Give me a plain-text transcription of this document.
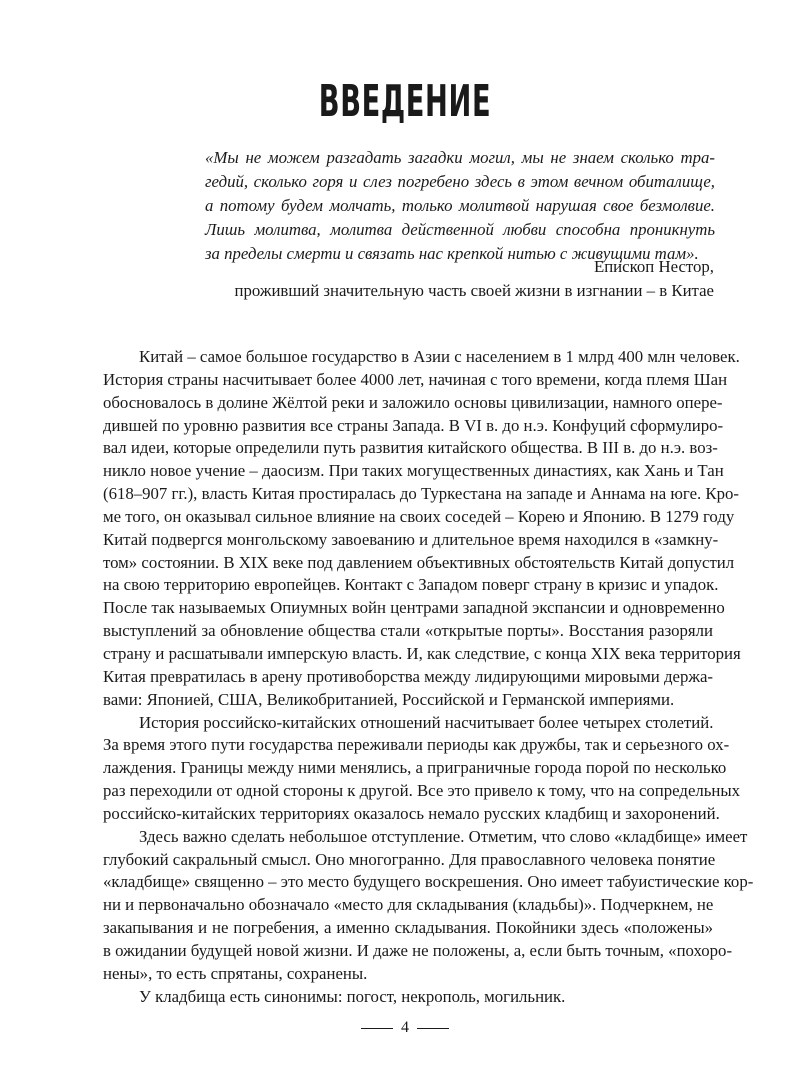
ВВЕДЕНИЕ
«Мы не можем разгадать загадки могил, мы не знаем сколько тра-
гедий, сколько горя и слез погребено здесь в этом вечном обиталище,
а потому будем молчать, только молитвой нарушая свое безмолвие.
Лишь молитва, молитва действенной любви способна проникнуть
за пределы смерти и связать нас крепкой нитью с живущими там».
Епископ Нестор,
проживший значительную часть своей жизни в изгнании – в Китае
Китай – самое большое государство в Азии с населением в 1 млрд 400 млн человек.
История страны насчитывает более 4000 лет, начиная с того времени, когда племя Шан
обосновалось в долине Жёлтой реки и заложило основы цивилизации, намного опере-
дившей по уровню развития все страны Запада. В VI в. до н.э. Конфуций сформулиро-
вал идеи, которые определили путь развития китайского общества. В III в. до н.э. воз-
никло новое учение – даосизм. При таких могущественных династиях, как Хань и Тан
(618–907 гг.), власть Китая простиралась до Туркестана на западе и Аннама на юге. Кро-
ме того, он оказывал сильное влияние на своих соседей – Корею и Японию. В 1279 году
Китай подвергся монгольскому завоеванию и длительное время находился в «замкну-
том» состоянии. В XIX веке под давлением объективных обстоятельств Китай допустил
на свою территорию европейцев. Контакт с Западом поверг страну в кризис и упадок.
После так называемых Опиумных войн центрами западной экспансии и одновременно
выступлений за обновление общества стали «открытые порты». Восстания разоряли
страну и расшатывали имперскую власть. И, как следствие, с конца XIX века территория
Китая превратилась в арену противоборства между лидирующими мировыми держа-
вами: Японией, США, Великобританией, Российской и Германской империями.
История российско-китайских отношений насчитывает более четырех столетий.
За время этого пути государства переживали периоды как дружбы, так и серьезного ох-
лаждения. Границы между ними менялись, а приграничные города порой по несколько
раз переходили от одной стороны к другой. Все это привело к тому, что на сопредельных
российско-китайских территориях оказалось немало русских кладбищ и захоронений.
Здесь важно сделать небольшое отступление. Отметим, что слово «кладбище» имеет
глубокий сакральный смысл. Оно многогранно. Для православного человека понятие
«кладбище» священно – это место будущего воскрешения. Оно имеет табуистические кор-
ни и первоначально обозначало «место для складывания (кладьбы)». Подчеркнем, не
закапывания и не погребения, а именно складывания. Покойники здесь «положены»
в ожидании будущей новой жизни. И даже не положены, а, если быть точным, «похоро-
нены», то есть спрятаны, сохранены.
У кладбища есть синонимы: погост, некрополь, могильник.
4
